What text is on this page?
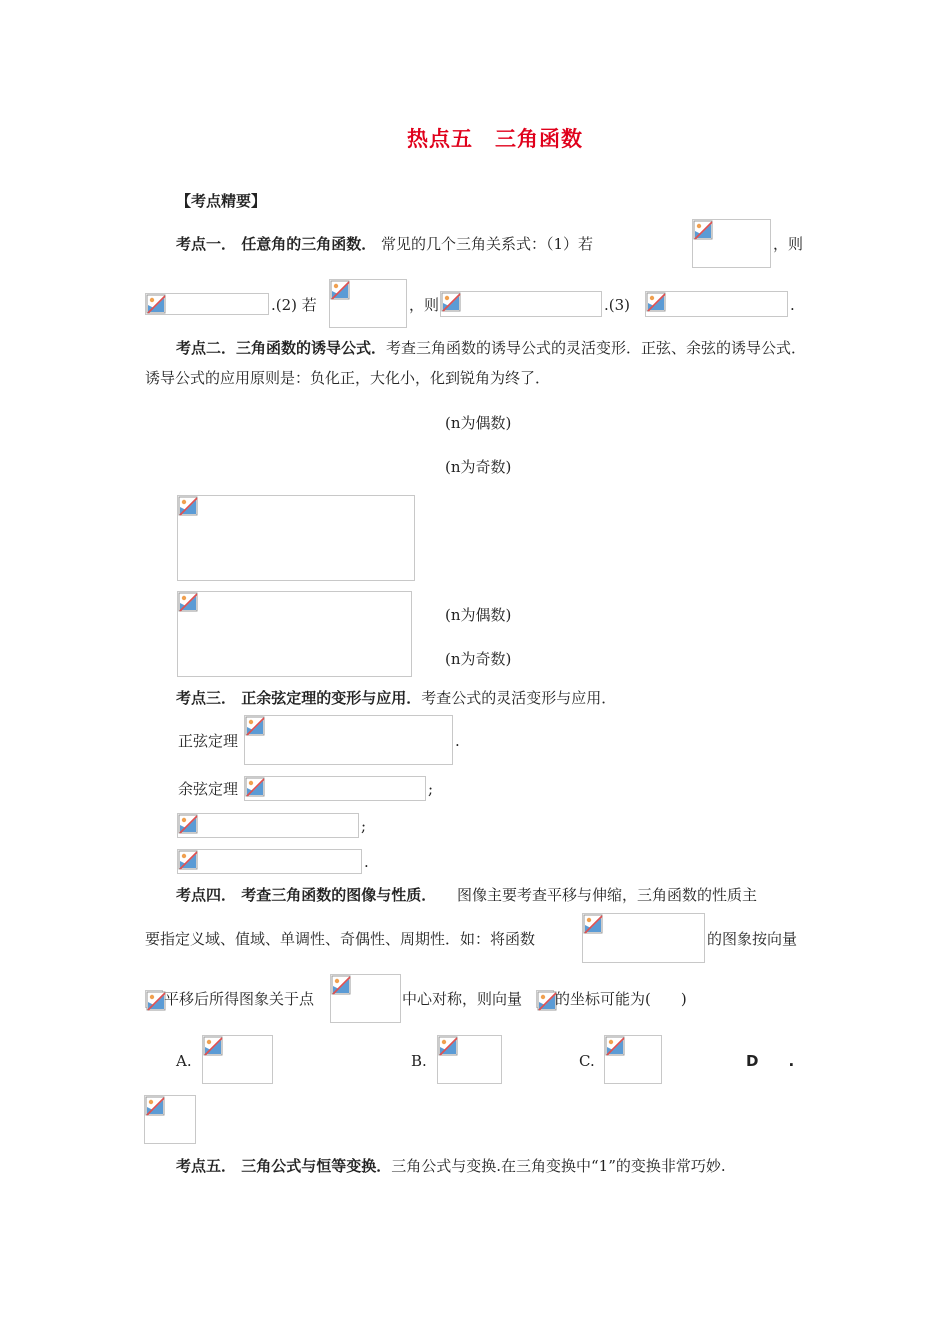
热点五　三角函数
【考点精要】
考点一． 任意角的三角函数． 常见的几个三角关系式：（1）若	，则
.(2) 若	，则	.(3)	.
考点二．三角函数的诱导公式．考查三角函数的诱导公式的灵活变形．正弦、余弦的诱导公式．诱导公式的应用原则是：负化正，大化小，化到锐角为终了．
(n为偶数)
(n为奇数)
(n为偶数)
(n为奇数)
考点三． 正余弦定理的变形与应用．考查公式的灵活变形与应用．
正弦定理	.
余弦定理	;
;
.
考点四． 考查三角函数的图像与性质． 图像主要考查平移与伸缩，三角函数的性质主
要指定义域、值域、单调性、奇偶性、周期性．如：将函数	的图象按向量
平移后所得图象关于点	中心对称，则向量 的坐标可能为(　　)
A.	B.	C.	D　　.
考点五． 三角公式与恒等变换．三角公式与变换.在三角变换中“1”的变换非常巧妙.
